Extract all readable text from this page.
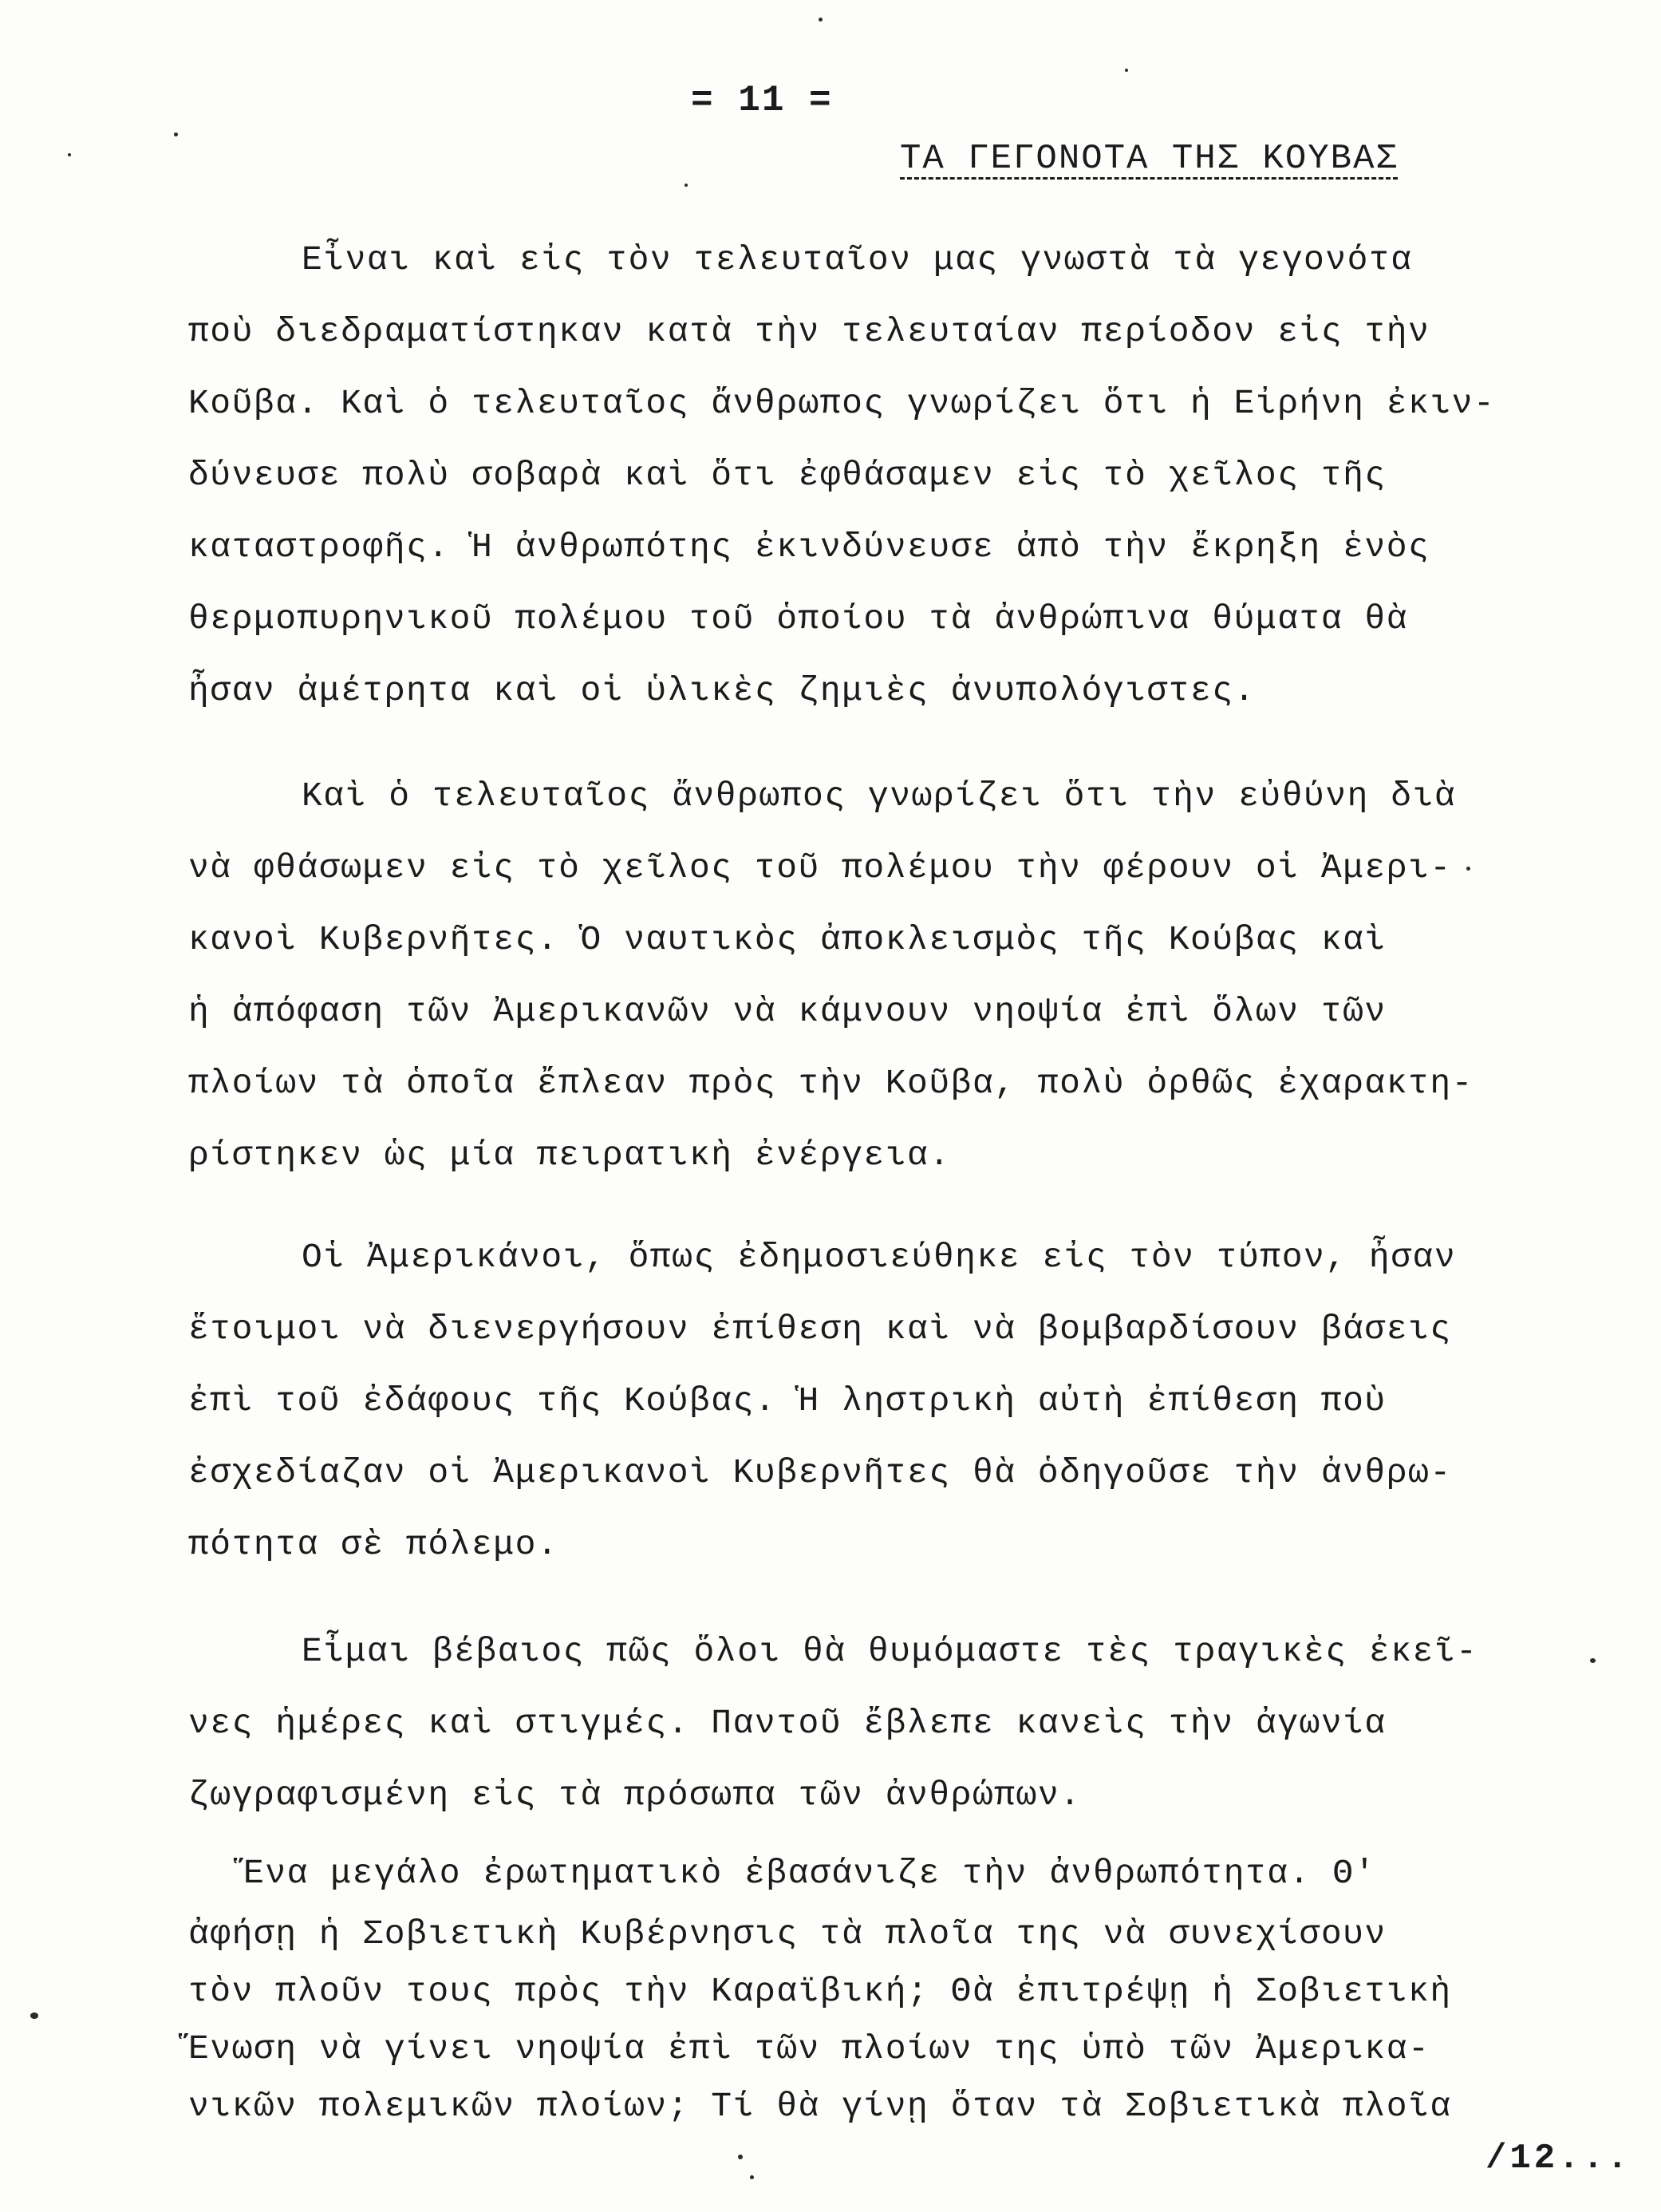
= 11 =
ΤΑ ΓΕΓΟΝΟΤΑ ΤΗΣ ΚΟΥΒΑΣ
Εἶναι καὶ εἰς τὸν τελευταῖον μας γνωστὰ τὰ γεγονότα
ποὺ διεδραματίστηκαν κατὰ τὴν τελευταίαν περίοδον εἰς τὴν
Κοῦβα. Καὶ ὁ τελευταῖος ἄνθρωπος γνωρίζει ὅτι ἡ Εἰρήνη ἐκιν-
δύνευσε πολὺ σοβαρὰ καὶ ὅτι ἐφθάσαμεν εἰς τὸ χεῖλος τῆς
καταστροφῆς. Ἡ ἀνθρωπότης ἐκινδύνευσε ἀπὸ τὴν ἔκρηξη ἑνὸς
θερμοπυρηνικοῦ πολέμου τοῦ ὁποίου τὰ ἀνθρώπινα θύματα θὰ
ἦσαν ἀμέτρητα καὶ οἱ ὑλικὲς ζημιὲς ἀνυπολόγιστες.
Καὶ ὁ τελευταῖος ἄνθρωπος γνωρίζει ὅτι τὴν εὐθύνη διὰ
νὰ φθάσωμεν εἰς τὸ χεῖλος τοῦ πολέμου τὴν φέρουν οἱ Ἀμερι-
κανοὶ Κυβερνῆτες. Ὁ ναυτικὸς ἀποκλεισμὸς τῆς Κούβας καὶ
ἡ ἀπόφαση τῶν Ἀμερικανῶν νὰ κάμνουν νηοψία ἐπὶ ὅλων τῶν
πλοίων τὰ ὁποῖα ἔπλεαν πρὸς τὴν Κοῦβα, πολὺ ὀρθῶς ἐχαρακτη-
ρίστηκεν ὡς μία πειρατικὴ ἐνέργεια.
Οἱ Ἀμερικάνοι, ὅπως ἐδημοσιεύθηκε εἰς τὸν τύπον, ἦσαν
ἕτοιμοι νὰ διενεργήσουν ἐπίθεση καὶ νὰ βομβαρδίσουν βάσεις
ἐπὶ τοῦ ἐδάφους τῆς Κούβας. Ἡ ληστρικὴ αὐτὴ ἐπίθεση ποὺ
ἐσχεδίαζαν οἱ Ἀμερικανοὶ Κυβερνῆτες θὰ ὁδηγοῦσε τὴν ἀνθρω-
πότητα σὲ πόλεμο.
Εἶμαι βέβαιος πῶς ὅλοι θὰ θυμόμαστε τὲς τραγικὲς ἐκεῖ-
νες ἡμέρες καὶ στιγμές. Παντοῦ ἔβλεπε κανεὶς τὴν ἀγωνία
ζωγραφισμένη εἰς τὰ πρόσωπα τῶν ἀνθρώπων.
Ἕνα μεγάλο ἐρωτηματικὸ ἐβασάνιζε τὴν ἀνθρωπότητα. Θ'
ἀφήσῃ ἡ Σοβιετικὴ Κυβέρνησις τὰ πλοῖα της νὰ συνεχίσουν
τὸν πλοῦν τους πρὸς τὴν Καραϊβική; Θὰ ἐπιτρέψῃ ἡ Σοβιετικὴ
Ἕνωση νὰ γίνει νηοψία ἐπὶ τῶν πλοίων της ὑπὸ τῶν Ἀμερικα-
νικῶν πολεμικῶν πλοίων; Τί θὰ γίνῃ ὅταν τὰ Σοβιετικὰ πλοῖα
/12...
